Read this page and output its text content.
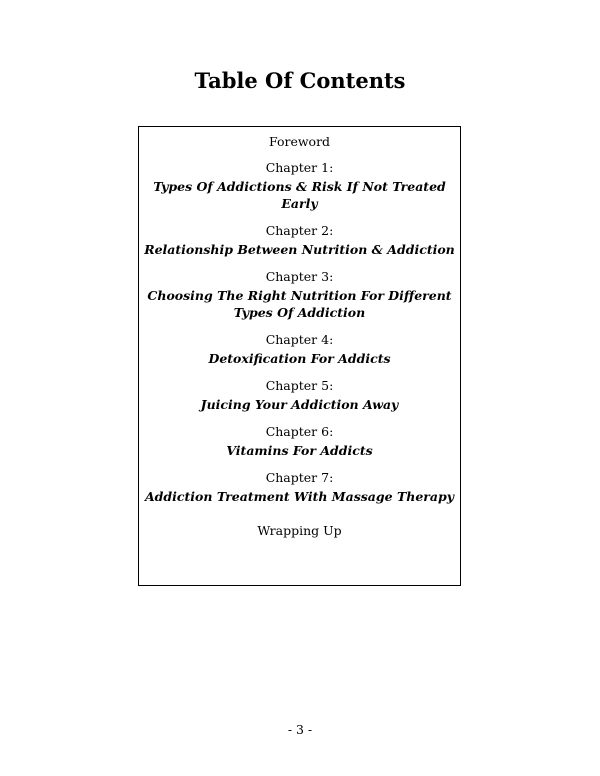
Table Of Contents

Foreword

Chapter 1:

Types Of Addictions & Risk If Not Treated Early

Chapter 2:

Relationship Between Nutrition & Addiction

Chapter 3:

Choosing The Right Nutrition For Different Types Of Addiction

Chapter 4:

Detoxification For Addicts

Chapter 5:

Juicing Your Addiction Away

Chapter 6:

Vitamins For Addicts

Chapter 7:

Addiction Treatment With Massage Therapy

Wrapping Up

- 3 -
